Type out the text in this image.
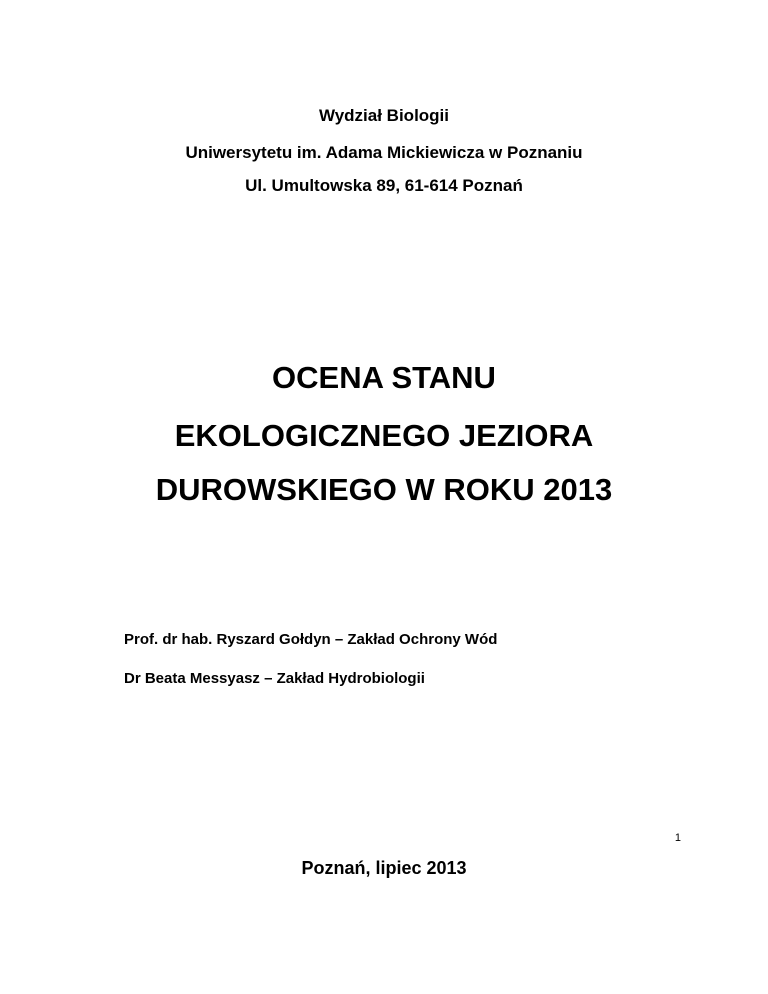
Wydział Biologii
Uniwersytetu im. Adama Mickiewicza w Poznaniu
Ul. Umultowska 89, 61-614 Poznań
OCENA STANU
EKOLOGICZNEGO JEZIORA
DUROWSKIEGO W ROKU 2013
Prof. dr hab. Ryszard Gołdyn – Zakład Ochrony Wód
Dr Beata Messyasz – Zakład Hydrobiologii
Poznań, lipiec 2013
1
